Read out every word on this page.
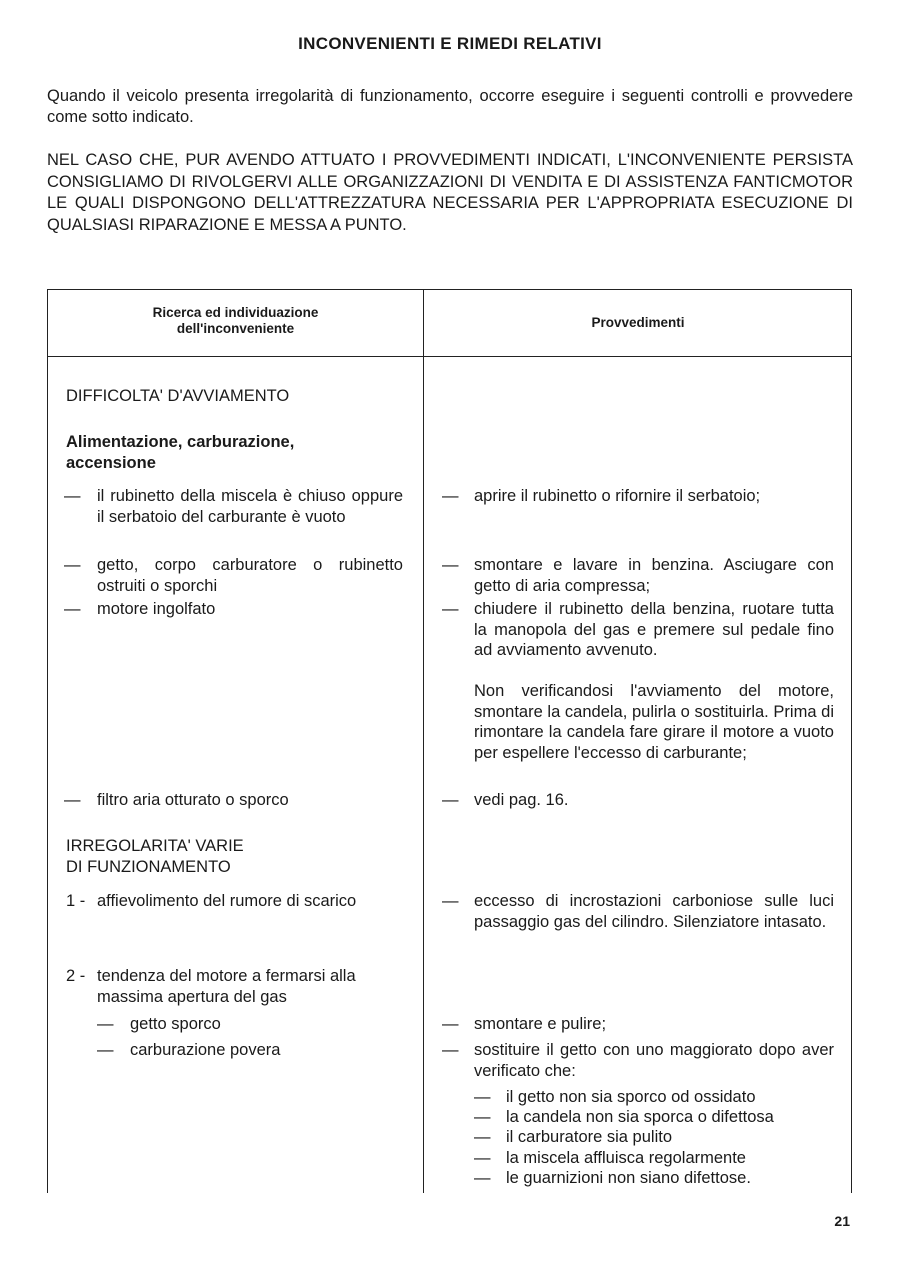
INCONVENIENTI E RIMEDI RELATIVI
Quando il veicolo presenta irregolarità di funzionamento, occorre eseguire i seguenti controlli e provvedere come sotto indicato.
NEL CASO CHE, PUR AVENDO ATTUATO I PROVVEDIMENTI INDICATI, L'INCONVENIENTE PERSISTA CONSIGLIAMO DI RIVOLGERVI ALLE ORGANIZZAZIONI DI VENDITA E DI ASSISTENZA FANTICMOTOR LE QUALI DISPONGONO DELL'ATTREZZATURA NECESSARIA PER L'APPROPRIATA ESECUZIONE DI QUALSIASI RIPARAZIONE E MESSA A PUNTO.
Ricerca ed individuazione
dell'inconveniente	Provvedimenti
DIFFICOLTA' D'AVVIAMENTO
Alimentazione, carburazione,
accensione
— il rubinetto della miscela è chiuso oppure il serbatoio del carburante è vuoto
— getto, corpo carburatore o rubinetto ostruiti o sporchi
— motore ingolfato
— filtro aria otturato o sporco
IRREGOLARITA' VARIE
DI FUNZIONAMENTO
1 - affievolimento del rumore di scarico
2 - tendenza del motore a fermarsi alla massima apertura del gas
— getto sporco
— carburazione povera
— aprire il rubinetto o rifornire il serbatoio;
— smontare e lavare in benzina. Asciugare con getto di aria compressa;
— chiudere il rubinetto della benzina, ruotare tutta la manopola del gas e premere sul pedale fino ad avviamento avvenuto.
Non verificandosi l'avviamento del motore, smontare la candela, pulirla o sostituirla. Prima di rimontare la candela fare girare il motore a vuoto per espellere l'eccesso di carburante;
— vedi pag. 16.
— eccesso di incrostazioni carboniose sulle luci passaggio gas del cilindro. Silenziatore intasato.
— smontare e pulire;
— sostituire il getto con uno maggiorato dopo aver verificato che:
— il getto non sia sporco od ossidato
— la candela non sia sporca o difettosa
— il carburatore sia pulito
— la miscela affluisca regolarmente
— le guarnizioni non siano difettose.
21
